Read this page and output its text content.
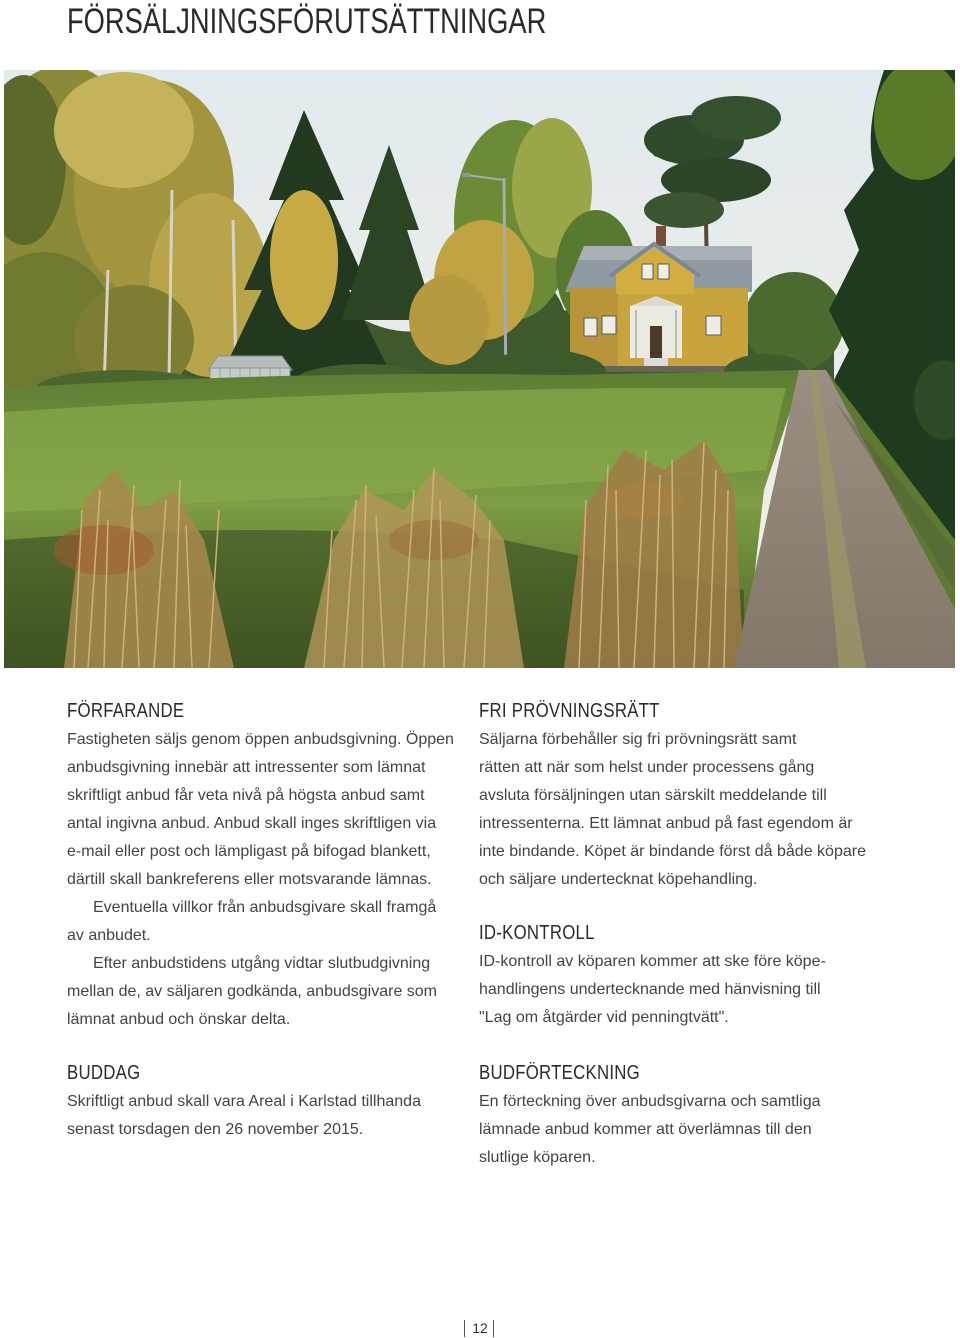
FÖRSÄLJNINGSFÖRUTSÄTTNINGAR
FÖRFARANDE
Fastigheten säljs genom öppen anbudsgivning. Öppen
anbudsgivning innebär att intressenter som lämnat
skriftligt anbud får veta nivå på högsta anbud samt
antal ingivna anbud. Anbud skall inges skriftligen via
e-mail eller post och lämpligast på bifogad blankett,
därtill skall bankreferens eller motsvarande lämnas.
Eventuella villkor från anbudsgivare skall framgå
av anbudet.
Efter anbudstidens utgång vidtar slutbudgivning
mellan de, av säljaren godkända, anbudsgivare som
lämnat anbud och önskar delta.
BUDDAG
Skriftligt anbud skall vara Areal i Karlstad tillhanda
senast torsdagen den 26 november 2015.
FRI PRÖVNINGSRÄTT
Säljarna förbehåller sig fri prövningsrätt samt
rätten att när som helst under processens gång
avsluta försäljningen utan särskilt meddelande till
intressenterna. Ett lämnat anbud på fast egendom är
inte bindande. Köpet är bindande först då både köpare
och säljare undertecknat köpehandling.
ID-KONTROLL
ID-kontroll av köparen kommer att ske före köpe-
handlingens undertecknande med hänvisning till
"Lag om åtgärder vid penningtvätt".
BUDFÖRTECKNING
En förteckning över anbudsgivarna och samtliga
lämnade anbud kommer att överlämnas till den
slutlige köparen.
12
